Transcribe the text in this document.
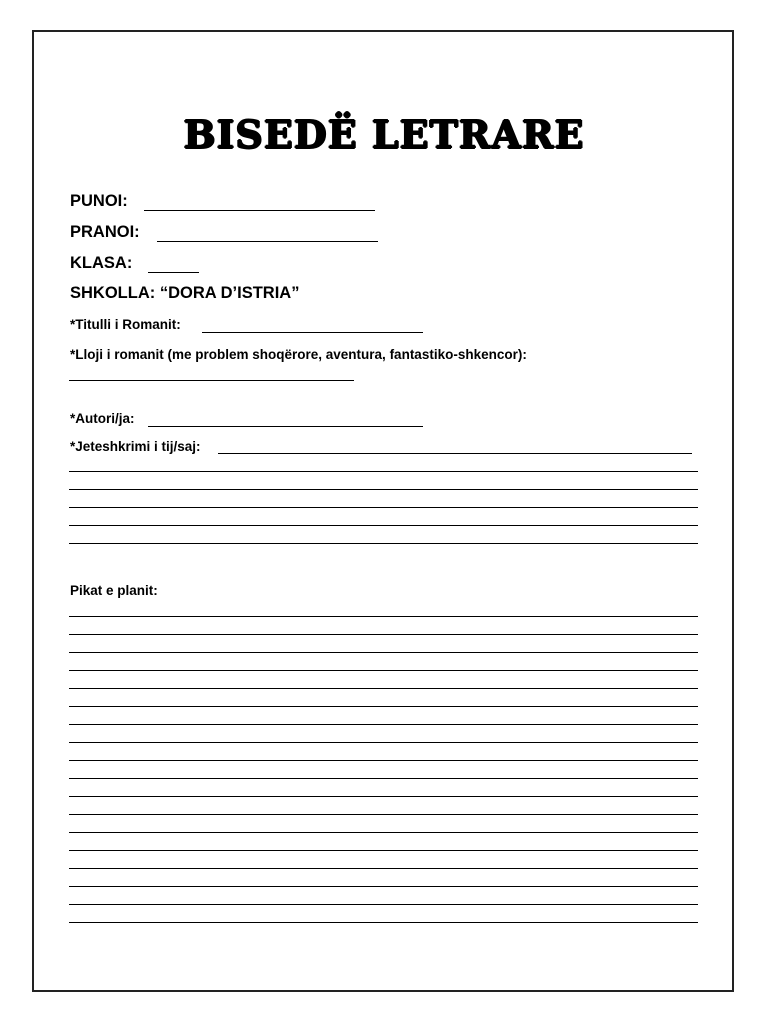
BISEDË LETRARE
PUNOI:
PRANOI:
KLASA:
SHKOLLA: “DORA D’ISTRIA”
*Titulli i Romanit:
*Lloji i romanit (me problem shoqërore, aventura, fantastiko-shkencor):
*Autori/ja:
*Jeteshkrimi i tij/saj:
Pikat e planit:
